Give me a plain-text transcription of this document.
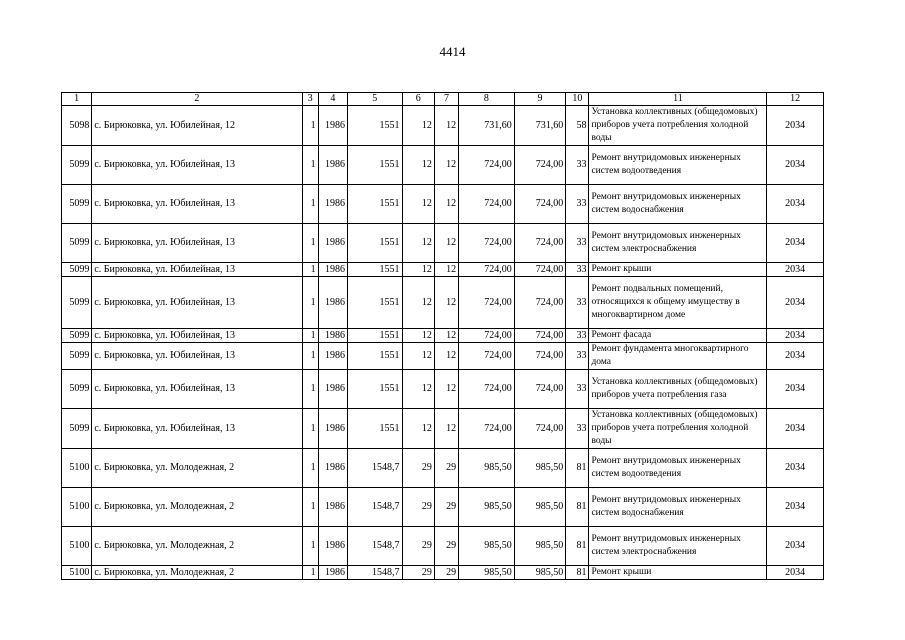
4414
1	2	3	4	5	6	7	8	9	10	11	12
5098	с. Бирюковка, ул. Юбилейная, 12	1	1986	1551	12	12	731,60	731,60	58	Установка коллективных (общедомовых) приборов учета потребления холодной воды	2034
5099	с. Бирюковка, ул. Юбилейная, 13	1	1986	1551	12	12	724,00	724,00	33	Ремонт внутридомовых инженерных систем водоотведения	2034
5099	с. Бирюковка, ул. Юбилейная, 13	1	1986	1551	12	12	724,00	724,00	33	Ремонт внутридомовых инженерных систем водоснабжения	2034
5099	с. Бирюковка, ул. Юбилейная, 13	1	1986	1551	12	12	724,00	724,00	33	Ремонт внутридомовых инженерных систем электроснабжения	2034
5099	с. Бирюковка, ул. Юбилейная, 13	1	1986	1551	12	12	724,00	724,00	33	Ремонт крыши	2034
5099	с. Бирюковка, ул. Юбилейная, 13	1	1986	1551	12	12	724,00	724,00	33	Ремонт подвальных помещений, относящихся к общему имуществу в многоквартирном доме	2034
5099	с. Бирюковка, ул. Юбилейная, 13	1	1986	1551	12	12	724,00	724,00	33	Ремонт фасада	2034
5099	с. Бирюковка, ул. Юбилейная, 13	1	1986	1551	12	12	724,00	724,00	33	Ремонт фундамента многоквартирного дома	2034
5099	с. Бирюковка, ул. Юбилейная, 13	1	1986	1551	12	12	724,00	724,00	33	Установка коллективных (общедомовых) приборов учета потребления газа	2034
5099	с. Бирюковка, ул. Юбилейная, 13	1	1986	1551	12	12	724,00	724,00	33	Установка коллективных (общедомовых) приборов учета потребления холодной воды	2034
5100	с. Бирюковка, ул. Молодежная, 2	1	1986	1548,7	29	29	985,50	985,50	81	Ремонт внутридомовых инженерных систем водоотведения	2034
5100	с. Бирюковка, ул. Молодежная, 2	1	1986	1548,7	29	29	985,50	985,50	81	Ремонт внутридомовых инженерных систем водоснабжения	2034
5100	с. Бирюковка, ул. Молодежная, 2	1	1986	1548,7	29	29	985,50	985,50	81	Ремонт внутридомовых инженерных систем электроснабжения	2034
5100	с. Бирюковка, ул. Молодежная, 2	1	1986	1548,7	29	29	985,50	985,50	81	Ремонт крыши	2034
